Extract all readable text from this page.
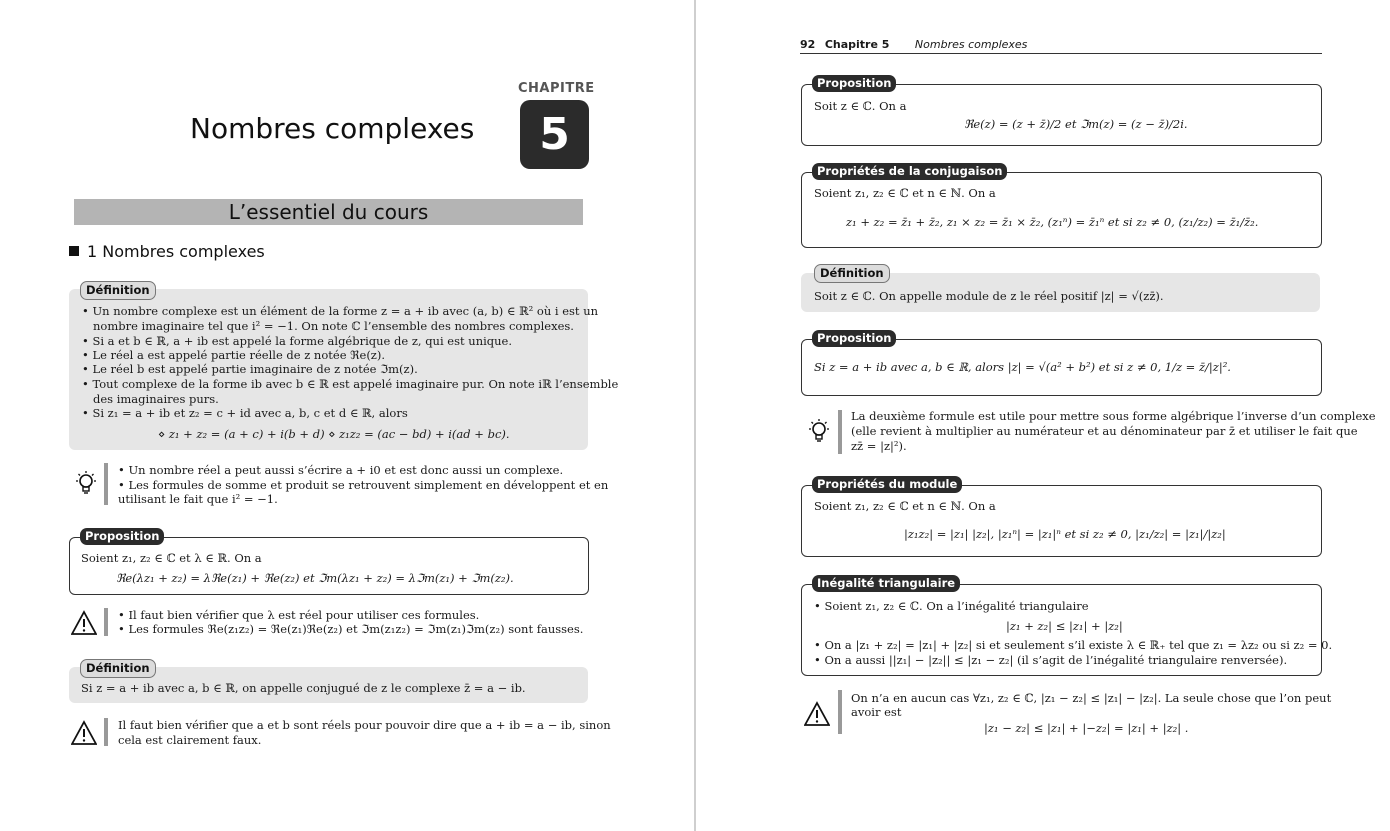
CHAPITRE
5
Nombres complexes
L’essentiel du cours
1 Nombres complexes
Définition
• Un nombre complexe est un élément de la forme z = a + ib avec (a, b) ∈ ℝ² où i est un
nombre imaginaire tel que i² = −1. On note ℂ l’ensemble des nombres complexes.
• Si a et b ∈ ℝ, a + ib est appelé la forme algébrique de z, qui est unique.
• Le réel a est appelé partie réelle de z notée ℜe(z).
• Le réel b est appelé partie imaginaire de z notée ℑm(z).
• Tout complexe de la forme ib avec b ∈ ℝ est appelé imaginaire pur. On note iℝ l’ensemble
des imaginaires purs.
• Si z₁ = a + ib et z₂ = c + id avec a, b, c et d ∈ ℝ, alors
⋄ z₁ + z₂ = (a + c) + i(b + d) ⋄ z₁z₂ = (ac − bd) + i(ad + bc).
• Un nombre réel a peut aussi s’écrire a + i0 et est donc aussi un complexe.
• Les formules de somme et produit se retrouvent simplement en développent et en
utilisant le fait que i² = −1.
Proposition
Soient z₁, z₂ ∈ ℂ et λ ∈ ℝ. On a
ℜe(λz₁ + z₂) = λℜe(z₁) + ℜe(z₂) et ℑm(λz₁ + z₂) = λℑm(z₁) + ℑm(z₂).
• Il faut bien vérifier que λ est réel pour utiliser ces formules.
• Les formules ℜe(z₁z₂) = ℜe(z₁)ℜe(z₂) et ℑm(z₁z₂) = ℑm(z₁)ℑm(z₂) sont fausses.
Définition
Si z = a + ib avec a, b ∈ ℝ, on appelle conjugué de z le complexe z̄ = a − ib.
Il faut bien vérifier que a et b sont réels pour pouvoir dire que a + ib = a − ib, sinon
cela est clairement faux.
92 Chapitre 5 Nombres complexes
Proposition
Soit z ∈ ℂ. On a
ℜe(z) = (z + z̄)/2 et ℑm(z) = (z − z̄)/2i.
Propriétés de la conjugaison
Soient z₁, z₂ ∈ ℂ et n ∈ ℕ. On a
z₁ + z₂ = z̄₁ + z̄₂, z₁ × z₂ = z̄₁ × z̄₂, (z₁ⁿ) = z̄₁ⁿ et si z₂ ≠ 0, (z₁/z₂) = z̄₁/z̄₂.
Définition
Soit z ∈ ℂ. On appelle module de z le réel positif |z| = √(zz̄).
Proposition
Si z = a + ib avec a, b ∈ ℝ, alors |z| = √(a² + b²) et si z ≠ 0, 1/z = z̄/|z|².
La deuxième formule est utile pour mettre sous forme algébrique l’inverse d’un complexe
(elle revient à multiplier au numérateur et au dénominateur par z̄ et utiliser le fait que
zz̄ = |z|²).
Propriétés du module
Soient z₁, z₂ ∈ ℂ et n ∈ ℕ. On a
|z₁z₂| = |z₁| |z₂|, |z₁ⁿ| = |z₁|ⁿ et si z₂ ≠ 0, |z₁/z₂| = |z₁|/|z₂|
Inégalité triangulaire
• Soient z₁, z₂ ∈ ℂ. On a l’inégalité triangulaire
|z₁ + z₂| ≤ |z₁| + |z₂|
• On a |z₁ + z₂| = |z₁| + |z₂| si et seulement s’il existe λ ∈ ℝ₊ tel que z₁ = λz₂ ou si z₂ = 0.
• On a aussi ||z₁| − |z₂|| ≤ |z₁ − z₂| (il s’agit de l’inégalité triangulaire renversée).
On n’a en aucun cas ∀z₁, z₂ ∈ ℂ, |z₁ − z₂| ≤ |z₁| − |z₂|. La seule chose que l’on peut
avoir est
|z₁ − z₂| ≤ |z₁| + |−z₂| = |z₁| + |z₂| .
